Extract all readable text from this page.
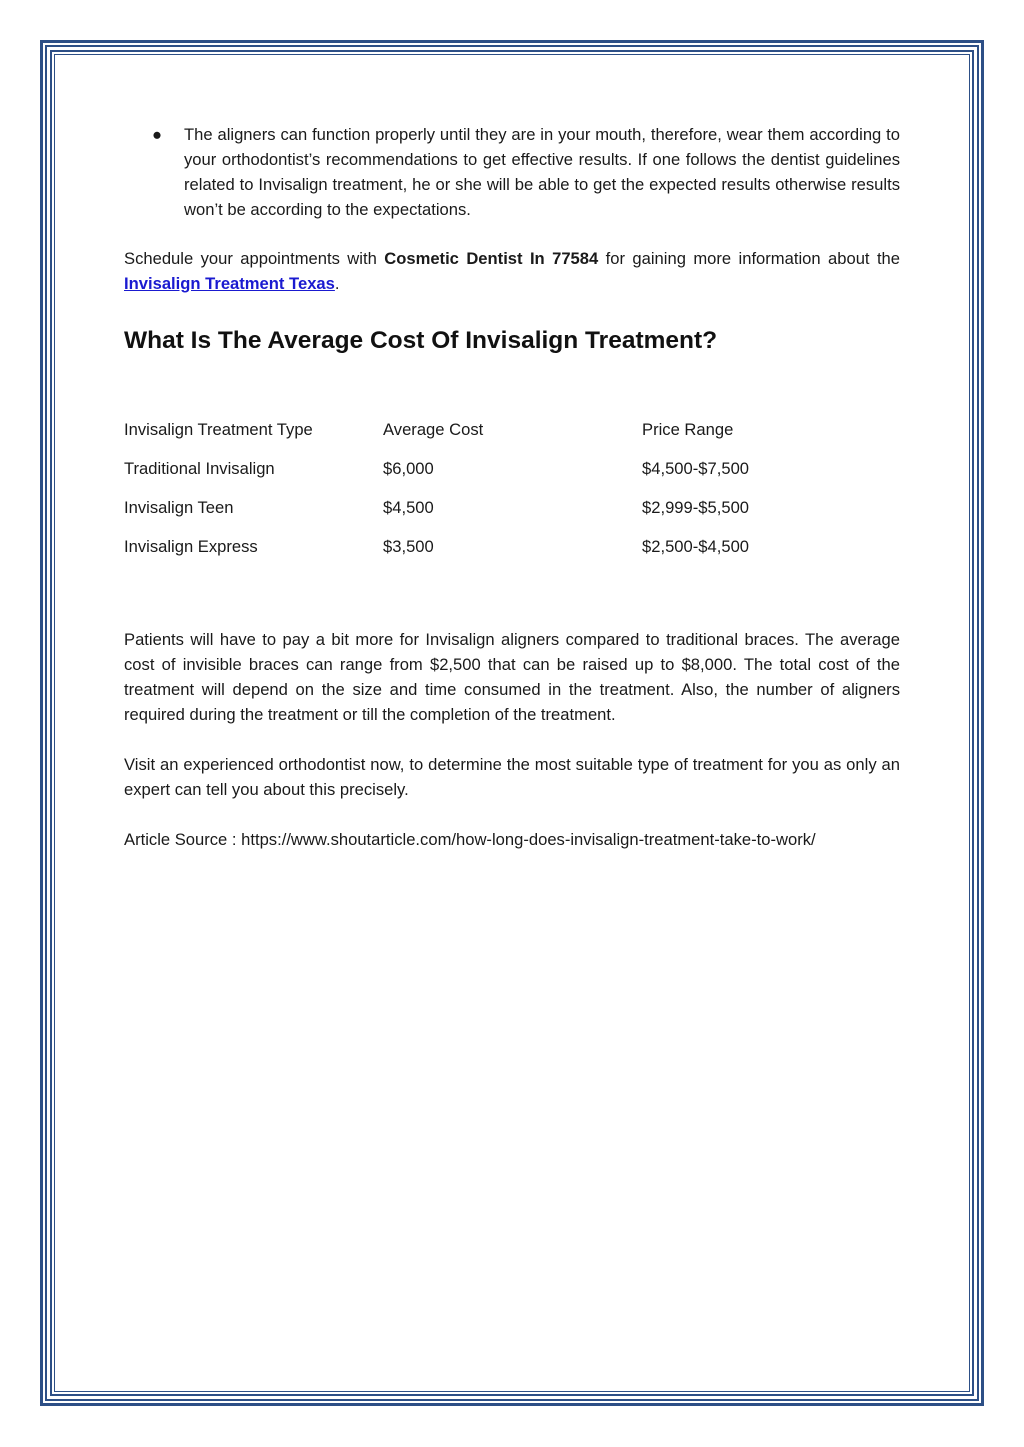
● The aligners can function properly until they are in your mouth, therefore, wear them according to your orthodontist’s recommendations to get effective results. If one follows the dentist guidelines related to Invisalign treatment, he or she will be able to get the expected results otherwise results won’t be according to the expectations.

Schedule your appointments with Cosmetic Dentist In 77584 for gaining more information about the Invisalign Treatment Texas.

What Is The Average Cost Of Invisalign Treatment?
Invisalign Treatment Type	Average Cost	Price Range
Traditional Invisalign	$6,000	$4,500-$7,500
Invisalign Teen	$4,500	$2,999-$5,500
Invisalign Express	$3,500	$2,500-$4,500

Patients will have to pay a bit more for Invisalign aligners compared to traditional braces. The average cost of invisible braces can range from $2,500 that can be raised up to $8,000. The total cost of the treatment will depend on the size and time consumed in the treatment. Also, the number of aligners required during the treatment or till the completion of the treatment.

Visit an experienced orthodontist now, to determine the most suitable type of treatment for you as only an expert can tell you about this precisely.

Article Source : https://www.shoutarticle.com/how-long-does-invisalign-treatment-take-to-work/
